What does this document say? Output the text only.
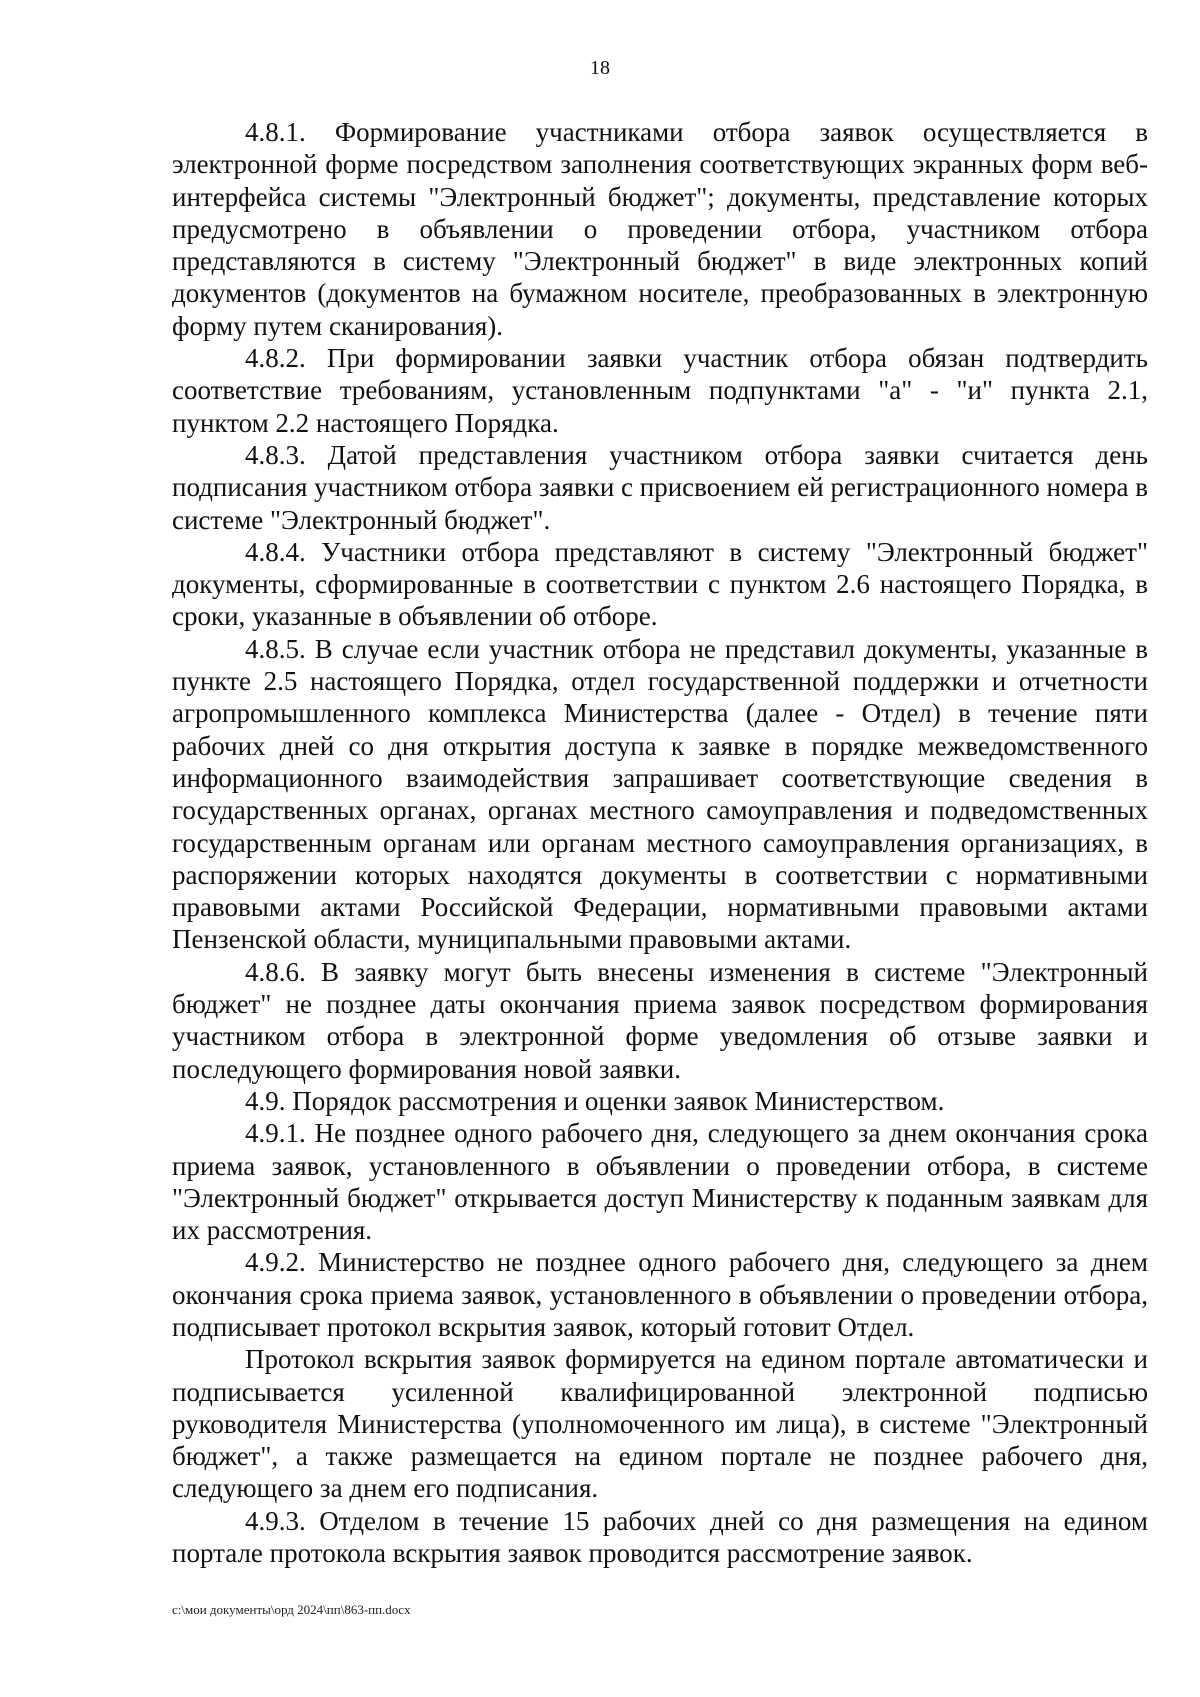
18

4.8.1. Формирование участниками отбора заявок осуществляется в электронной форме посредством заполнения соответствующих экранных форм веб-интерфейса системы "Электронный бюджет"; документы, представление которых предусмотрено в объявлении о проведении отбора, участником отбора представляются в систему "Электронный бюджет" в виде электронных копий документов (документов на бумажном носителе, преобразованных в электронную форму путем сканирования).

4.8.2. При формировании заявки участник отбора обязан подтвердить соответствие требованиям, установленным подпунктами "а" - "и" пункта 2.1, пунктом 2.2 настоящего Порядка.

4.8.3. Датой представления участником отбора заявки считается день подписания участником отбора заявки с присвоением ей регистрационного номера в системе "Электронный бюджет".

4.8.4. Участники отбора представляют в систему "Электронный бюджет" документы, сформированные в соответствии с пунктом 2.6 настоящего Порядка, в сроки, указанные в объявлении об отборе.

4.8.5. В случае если участник отбора не представил документы, указанные в пункте 2.5 настоящего Порядка, отдел государственной поддержки и отчетности агропромышленного комплекса Министерства (далее - Отдел) в течение пяти рабочих дней со дня открытия доступа к заявке в порядке межведомственного информационного взаимодействия запрашивает соответствующие сведения в государственных органах, органах местного самоуправления и подведомственных государственным органам или органам местного самоуправления организациях, в распоряжении которых находятся документы в соответствии с нормативными правовыми актами Российской Федерации, нормативными правовыми актами Пензенской области, муниципальными правовыми актами.

4.8.6. В заявку могут быть внесены изменения в системе "Электронный бюджет" не позднее даты окончания приема заявок посредством формирования участником отбора в электронной форме уведомления об отзыве заявки и последующего формирования новой заявки.

4.9. Порядок рассмотрения и оценки заявок Министерством.

4.9.1. Не позднее одного рабочего дня, следующего за днем окончания срока приема заявок, установленного в объявлении о проведении отбора, в системе "Электронный бюджет" открывается доступ Министерству к поданным заявкам для их рассмотрения.

4.9.2. Министерство не позднее одного рабочего дня, следующего за днем окончания срока приема заявок, установленного в объявлении о проведении отбора, подписывает протокол вскрытия заявок, который готовит Отдел.

Протокол вскрытия заявок формируется на едином портале автоматически и подписывается усиленной квалифицированной электронной подписью руководителя Министерства (уполномоченного им лица), в системе "Электронный бюджет", а также размещается на едином портале не позднее рабочего дня, следующего за днем его подписания.

4.9.3. Отделом в течение 15 рабочих дней со дня размещения на едином портале протокола вскрытия заявок проводится рассмотрение заявок.

c:\мои документы\орд 2024\пп\863-пп.docx
